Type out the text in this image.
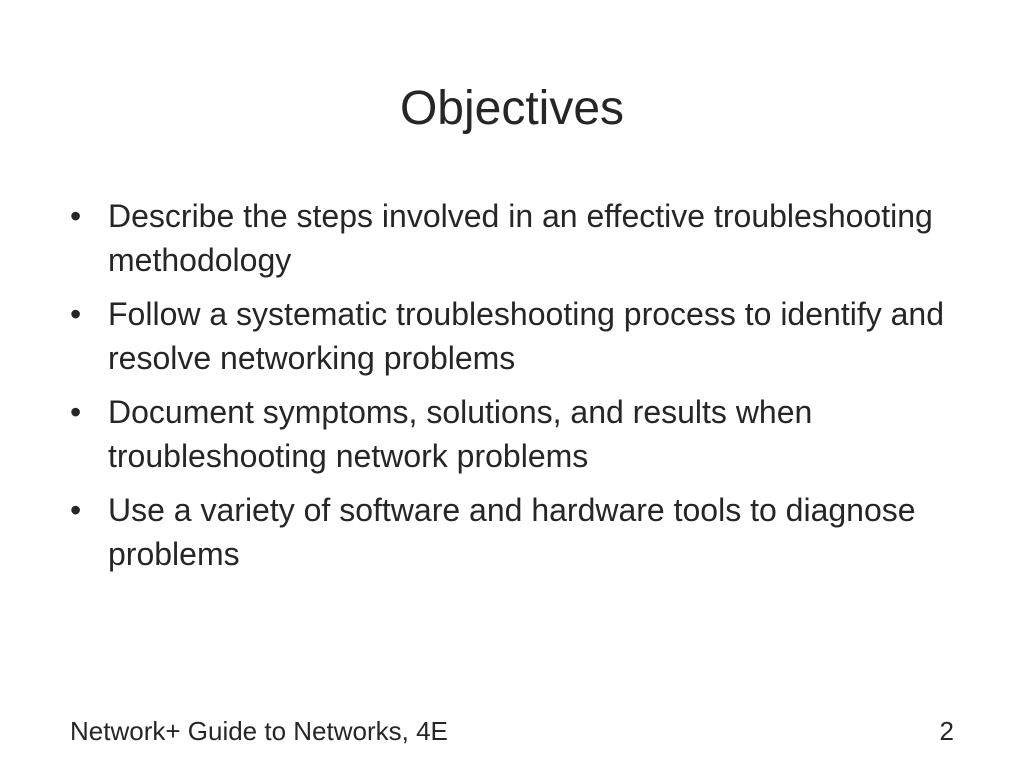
Objectives
• Describe the steps involved in an effective troubleshooting methodology
• Follow a systematic troubleshooting process to identify and resolve networking problems
• Document symptoms, solutions, and results when troubleshooting network problems
• Use a variety of software and hardware tools to diagnose problems
Network+ Guide to Networks, 4E	2
